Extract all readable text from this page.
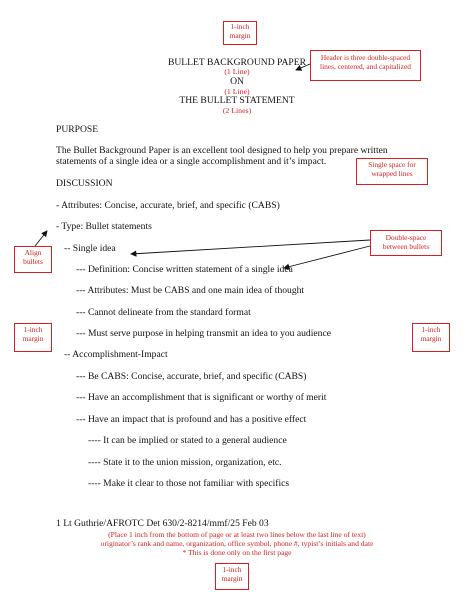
1-inch
margin
Header is three double-spaced
lines, centered, and capitalized
Single space for
wrapped lines
Double-space
between bullets
Align
bullets
1-inch
margin
1-inch
margin
1-inch
margin
BULLET BACKGROUND PAPER
(1 Line)
ON
(1 Line)
THE BULLET STATEMENT
(2 Lines)
PURPOSE
The Bullet Background Paper is an excellent tool designed to help you prepare written
statements of a single idea or a single accomplishment and it’s impact.
DISCUSSION
- Attributes: Concise, accurate, brief, and specific (CABS)
- Type: Bullet statements
-- Single idea
--- Definition: Concise written statement of a single idea
--- Attributes: Must be CABS and one main idea of thought
--- Cannot delineate from the standard format
--- Must serve purpose in helping transmit an idea to you audience
-- Accomplishment-Impact
--- Be CABS: Concise, accurate, brief, and specific (CABS)
--- Have an accomplishment that is significant or worthy of merit
--- Have an impact that is profound and has a positive effect
---- It can be implied or stated to a general audience
---- State it to the union mission, organization, etc.
---- Make it clear to those not familiar with specifics
1 Lt Guthrie/AFROTC Det 630/2-8214/mmf/25 Feb 03
(Place 1 inch from the bottom of page or at least two lines below the last line of text)
originator’s rank and name, organization, office symbol, phone #, typist’s initials and date
* This is done only on the first page
